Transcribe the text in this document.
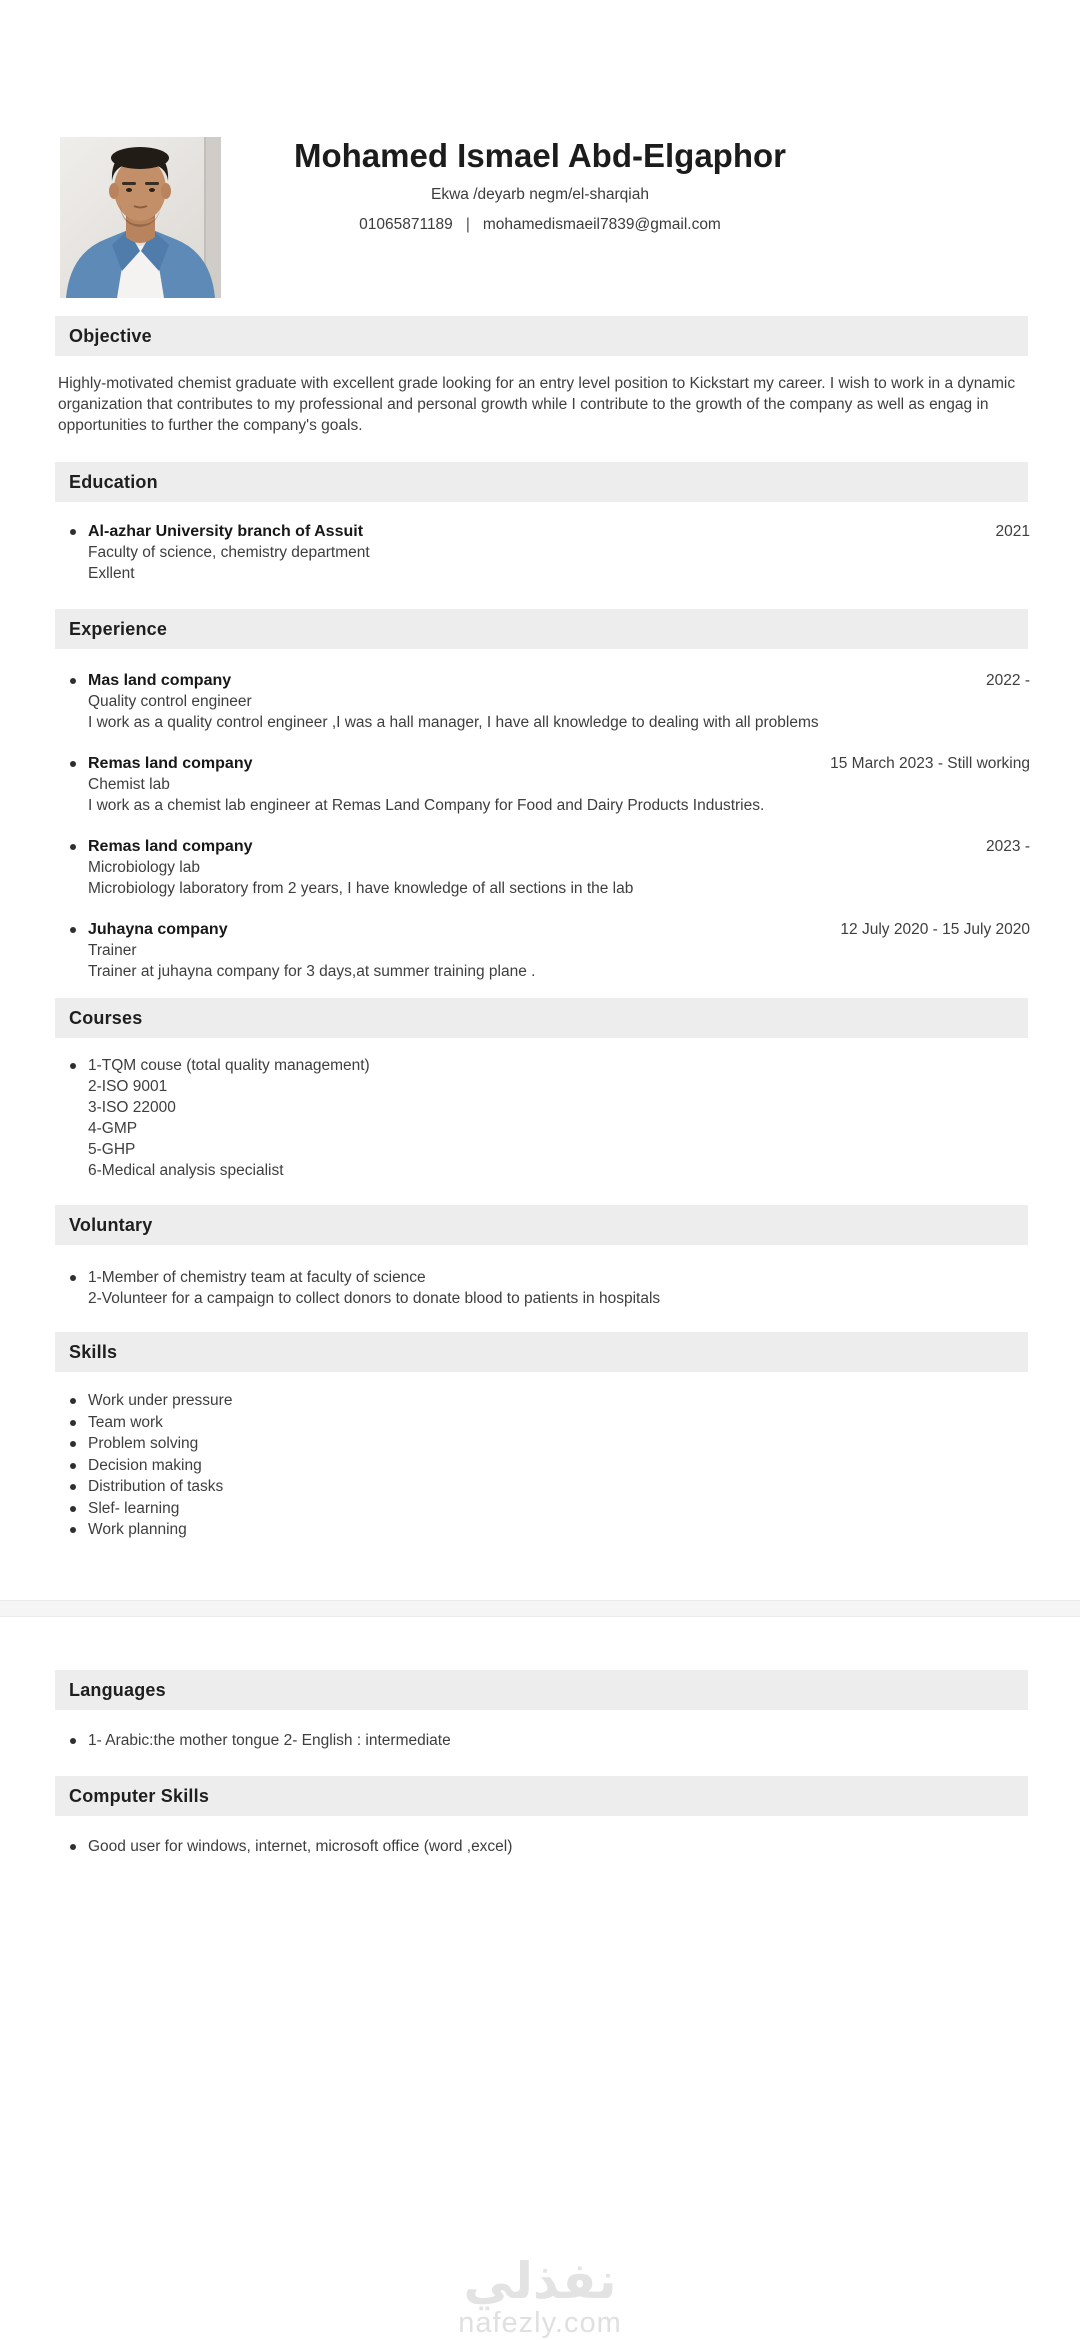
Mohamed Ismael Abd-Elgaphor
Ekwa /deyarb negm/el-sharqiah
01065871189 | mohamedismaeil7839@gmail.com
Objective
Highly-motivated chemist graduate with excellent grade looking for an entry level position to Kickstart my career. I wish to work in a dynamic organization that contributes to my professional and personal growth while I contribute to the growth of the company as well as engag in opportunities to further the company's goals.
Education
Al-azhar University branch of Assuit	2021
Faculty of science, chemistry department
Exllent
Experience
Mas land company	2022 -
Quality control engineer
I work as a quality control engineer ,I was a hall manager, I have all knowledge to dealing with all problems
Remas land company	15 March 2023 - Still working
Chemist lab
I work as a chemist lab engineer at Remas Land Company for Food and Dairy Products Industries.
Remas land company	2023 -
Microbiology lab
Microbiology laboratory from 2 years, I have knowledge of all sections in the lab
Juhayna company	12 July 2020 - 15 July 2020
Trainer
Trainer at juhayna company for 3 days,at summer training plane .
Courses
1-TQM couse (total quality management)
2-ISO 9001
3-ISO 22000
4-GMP
5-GHP
6-Medical analysis specialist
Voluntary
1-Member of chemistry team at faculty of science
2-Volunteer for a campaign to collect donors to donate blood to patients in hospitals
Skills
Work under pressure
Team work
Problem solving
Decision making
Distribution of tasks
Slef- learning
Work planning
Languages
1- Arabic:the mother tongue 2- English : intermediate
Computer Skills
Good user for windows, internet, microsoft office (word ,excel)
نفذلي
nafezly.com
